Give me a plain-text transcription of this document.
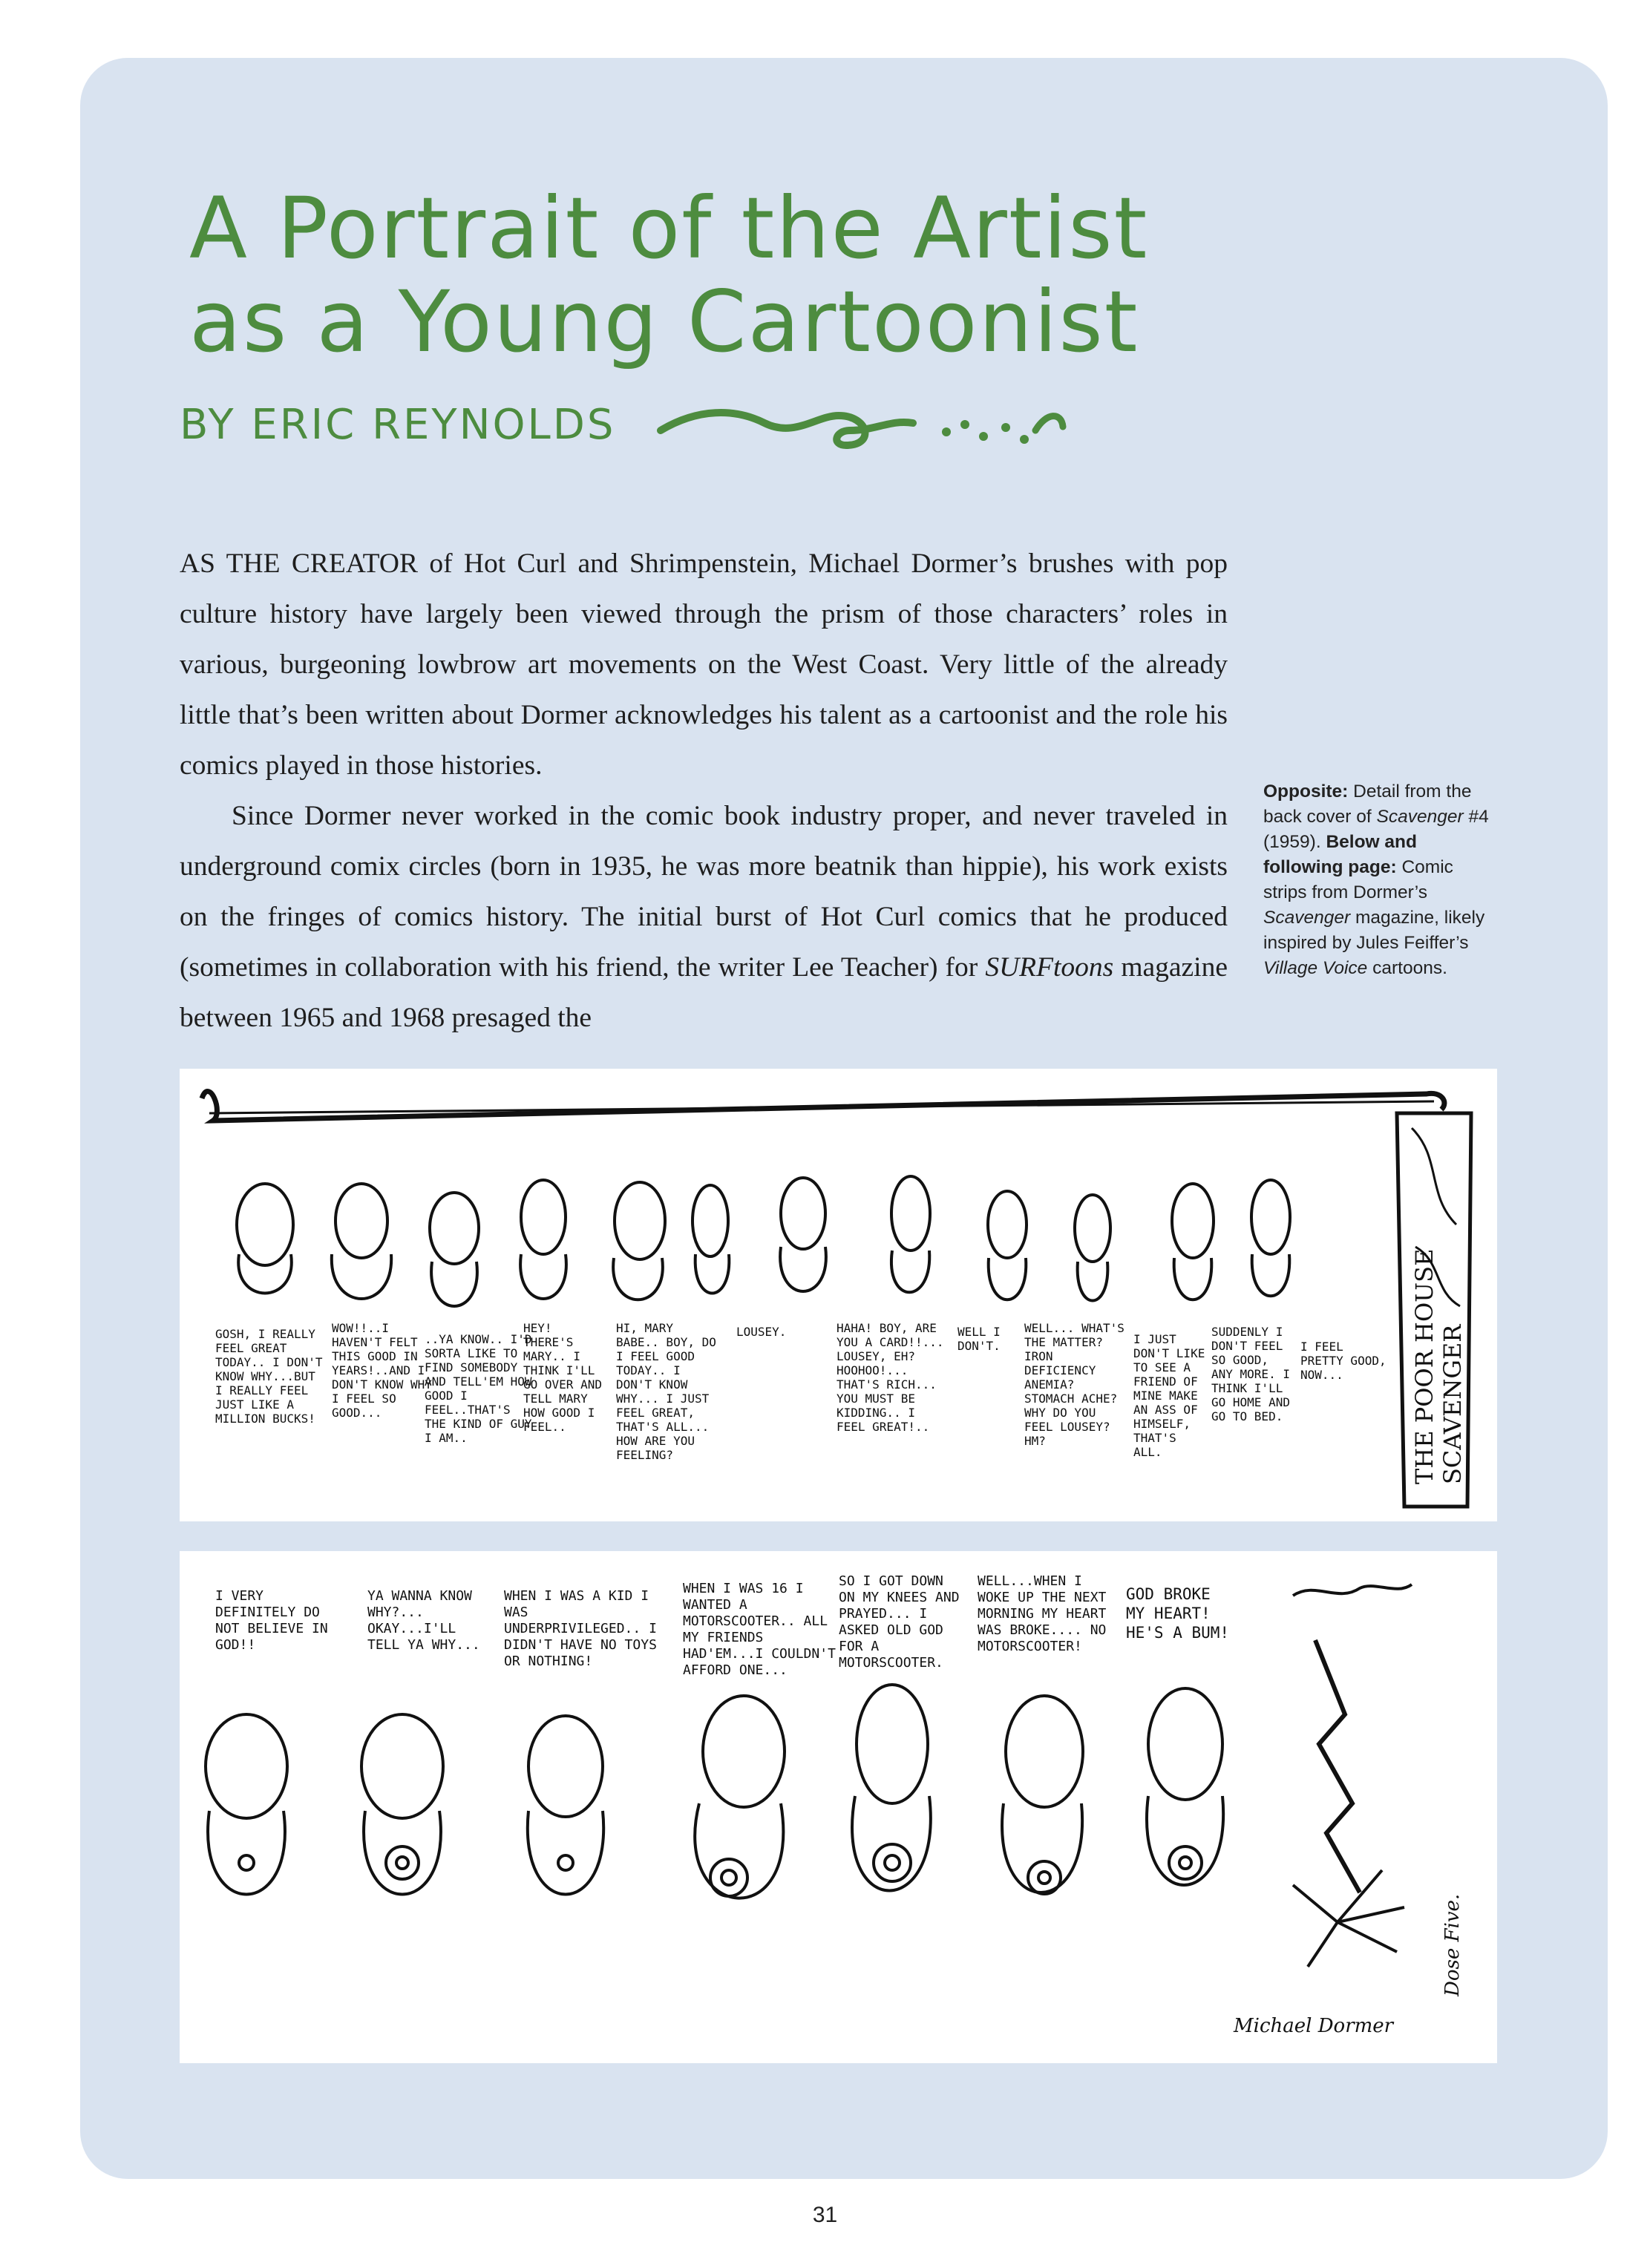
A Portrait of the Artist
as a Young Cartoonist
BY ERIC REYNOLDS

AS THE CREATOR of Hot Curl and Shrimpenstein, Michael Dormer’s brushes with pop culture history have largely been viewed through the prism of those characters’ roles in various, burgeoning lowbrow art movements on the West Coast. Very little of the already little that’s been written about Dormer acknowledges his talent as a cartoonist and the role his comics played in those histories.

Since Dormer never worked in the comic book industry proper, and never traveled in underground comix circles (born in 1935, he was more beatnik than hippie), his work exists on the fringes of comics history. The initial burst of Hot Curl comics that he produced (sometimes in collaboration with his friend, the writer Lee Teacher) for SURFtoons magazine between 1965 and 1968 presaged the

Opposite: Detail from the back cover of Scavenger #4 (1959). Below and following page: Comic strips from Dormer’s Scavenger magazine, likely inspired by Jules Feiffer’s Village Voice cartoons.
GOSH, I REALLY FEEL GREAT TODAY.. I DON'T KNOW WHY...BUT I REALLY FEEL JUST LIKE A MILLION BUCKS!
WOW!!..I HAVEN'T FELT THIS GOOD IN YEARS!..AND I DON'T KNOW WHY I FEEL SO GOOD...
..YA KNOW.. I'D SORTA LIKE TO FIND SOMEBODY AND TELL'EM HOW GOOD I FEEL..THAT'S THE KIND OF GUY I AM..
HEY! THERE'S MARY.. I THINK I'LL GO OVER AND TELL MARY HOW GOOD I FEEL..
HI, MARY BABE.. BOY, DO I FEEL GOOD TODAY.. I DON'T KNOW WHY... I JUST FEEL GREAT, THAT'S ALL... HOW ARE YOU FEELING?
LOUSEY.	HAHA! BOY, ARE YOU A CARD!!... LOUSEY, EH? HOOHOO!... THAT'S RICH... YOU MUST BE KIDDING.. I FEEL GREAT!..
WELL I DON'T.
WELL... WHAT'S THE MATTER? IRON DEFICIENCY ANEMIA? STOMACH ACHE? WHY DO YOU FEEL LOUSEY? HM?
I JUST DON'T LIKE TO SEE A FRIEND OF MINE MAKE AN ASS OF HIMSELF, THAT'S ALL.
SUDDENLY I DON'T FEEL SO GOOD, ANY MORE. I THINK I'LL GO HOME AND GO TO BED.
I FEEL PRETTY GOOD, NOW...	THE POOR HOUSE SCAVENGER
I VERY DEFINITELY DO NOT BELIEVE IN GOD!!
YA WANNA KNOW WHY?... OKAY...I'LL TELL YA WHY...
WHEN I WAS A KID I WAS UNDERPRIVILEGED.. I DIDN'T HAVE NO TOYS OR NOTHING!
WHEN I WAS 16 I WANTED A MOTORSCOOTER.. ALL MY FRIENDS HAD'EM...I COULDN'T AFFORD ONE...
SO I GOT DOWN ON MY KNEES AND PRAYED... I ASKED OLD GOD FOR A MOTORSCOOTER.
WELL...WHEN I WOKE UP THE NEXT MORNING MY HEART WAS BROKE.... NO MOTORSCOOTER!
GOD BROKE MY HEART! HE'S A BUM!
Michael Dormer
Dose Five.
31
